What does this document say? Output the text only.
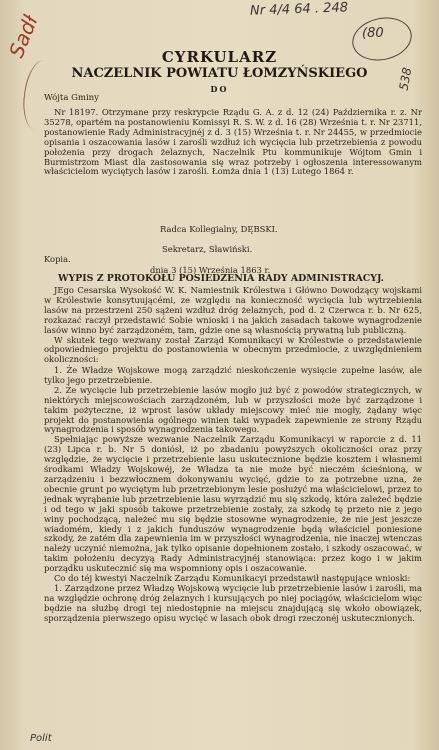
Nr 4/4 64 . 248
(80
538
Sadł
Polit
CYRKULARZ
NACZELNIK POWIATU ŁOMZYŃSKIEGO
DO
Wójta Gminy

Nr 18197. Otrzymane przy reskrypcie Rządu G. A. z d. 12 (24) Października r. z. Nr 35278, opartém na postanowieniu Komissyi R. S. W. z d. 16 (28) Września t. r. Nr 23711, postanowienie Rady Administracyjnéj z d. 3 (15) Września t. r. Nr 24455, w przedmiocie opisania i oszacowania lasów i zarośli wzdłuż ich wycięcia lub przetrzebienia z powodu położenia przy drogach żelaznych, Naczelnik Ptu kommunikuje Wójtom Gmin i Burmistrzom Miast dla zastosowania się wraz potrzeby i ogłoszenia interessowanym właścicielom wyciętych lasów i zarośli. Łomża dnia 1 (13) Lutego 1864 r.

Radca Kollegialny, DĘBSKI.
Sekretarz, Sławiński.
Kopia.
dnia 3 (15) Września 1863 r.
WYPIS Z PROTOKÓŁU POSIEDZENIA RADY ADMINISTRACYJ.

JEgo Cesarska Wysokość W. K. Namiestnik Królestwa i Główno Dowodzący wojskami w Królestwie konsytuującémi, ze względu na konieczność wycięcia lub wytrzebienia lasów na przestrzeni 250 sążeni wzdłuż dróg żelaznych, pod d. 2 Czerwca r. b. Nr 625, rozkazać raczył przedstawić Sobie wnioski i na jakich zasadach takowe wynagrodzenie lasów winno być zarządzoném, tam, gdzie one są własnością prywatną lub publiczną.

W skutek tego wezwany został Zarząd Komunikacyi w Królestwie o przedstawienie odpowiedniego projektu do postanowienia w obecnym przedmiocie, z uwzględnieniem okoliczności:

1. Że Władze Wojskowe mogą zarządzić nieskończenie wysięcie zupełne lasów, ale tylko jego przetrzebienie.

2. Że wycięcie lub przetrzebienie lasów mogło już być z powodów strategicznych, w niektórych miejscowościach zarządzoném, lub w przyszłości może być zarządzone i takim pożyteczne, iż wprost lasów układy miejscowy mieć nie mogły, żądany więc projekt do postanowienia ogólnego winien taki wypadek zapewnienie ze strony Rządu wynagrodzenia i sposób wynagrodzenia takowego.

Spełniając powyższe wezwanie Naczelnik Zarządu Komunikacyi w raporcie z d. 11 (23) Lipca r. b. Nr 5 doniósł, iż po zbadaniu powyższych okoliczności oraz przy względzie, że wycięcie i przetrzebienie lasu uskutecznione będzie kosztem i własnemi środkami Władzy Wojskowéj, że Władza ta nie może być nieczém ścieśnioną, w zarządzeniu i bezzwłocznem dokonywaniu wycięć, gdzie to za potrzebne uzna, że obecnie grunt po wyciętym lub przetrzebionym lesie posłużyć ma właścicielowi, przez to jednak wyrąbanie lub przetrzebienie lasu wyrządzić mu się szkodę, która zależeć będzie i od tego w jaki sposób takowe przetrzebienie zostały, za szkodę tę przeto nie z jego winy pochodzącą, należeć mu się będzie stosowne wynagrodzenie, że nie jest jeszcze wiadomém, kiedy i z jakich funduszów wynagrodzenie będą właściciel poniesione szkody, że zatém dla zapewnienia im w przyszłości wynagrodzenia, nie inaczej wtenczas należy uczynić niemożna, jak tylko opisanie dopełnionem zostało, i szkody oszacować, w takim położeniu decyzyą Rady Administracyjnéj stanowiąca: przez kogo i w jakim porządku uskutecznić się ma wspomniony opis i oszacowanie.

Co do téj kwestyi Naczelnik Zarządu Komunikacyi przedstawił następujące wnioski:

1. Zarządzone przez Władzę Wojskową wycięcie lub przetrzebienie lasów i zarośli, ma na względzie ochronę dróg żelaznych i kursujących po niej pociągów, właścicielom więc będzie na służbę drogi tej niedostępnie na miejscu znajdującą się wkoło obowiązek, sporządzenia pierwszego opisu wycięć w lasach obok drogi rzeczonéj uskutecznionych.
